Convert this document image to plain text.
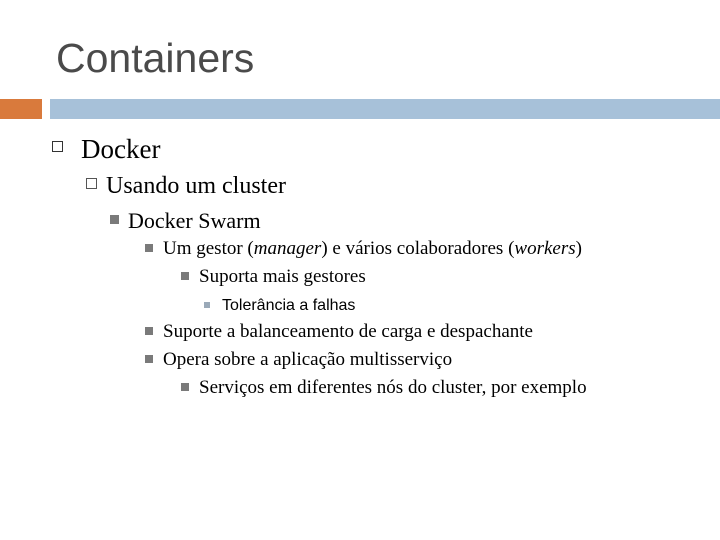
Containers
Docker
Usando um cluster
Docker Swarm
Um gestor (manager) e vários colaboradores (workers)
Suporta mais gestores
Tolerância a falhas
Suporte a balanceamento de carga e despachante
Opera sobre a aplicação multisserviço
Serviços em diferentes nós do cluster, por exemplo
